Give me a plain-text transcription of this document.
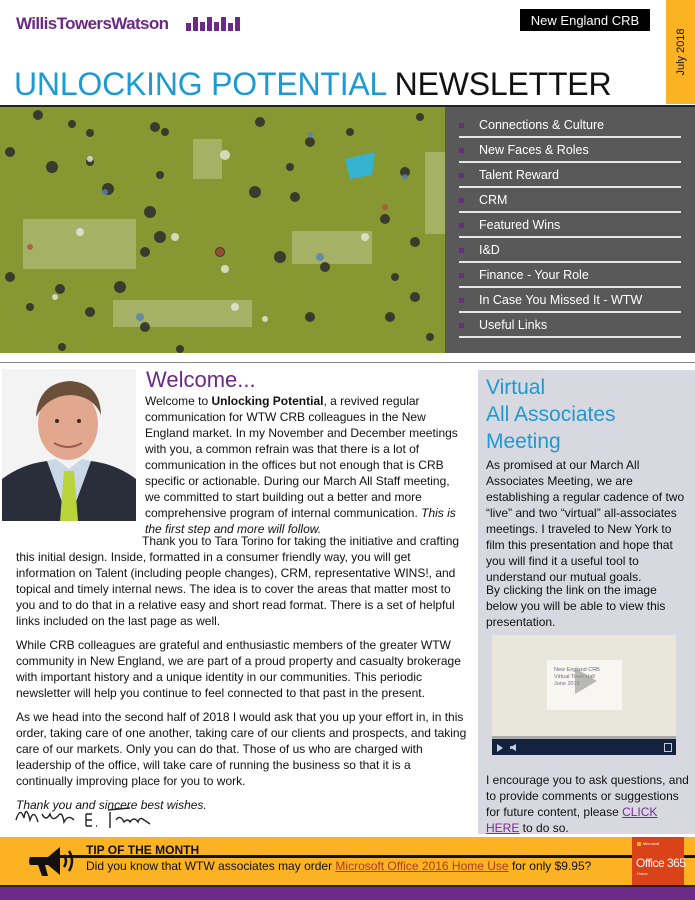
WillisTowersWatson	New England CRB
July 2018
UNLOCKING POTENTIAL NEWSLETTER
Connections & Culture
New Faces & Roles
Talent Reward
CRM
Featured Wins
I&D
Finance - Your Role
In Case You Missed It - WTW
Useful Links
Welcome...

Welcome to Unlocking Potential, a revived regular communication for WTW CRB colleagues in the New England market. In my November and December meetings with you, a common refrain was that there is a lot of communication in the offices but not enough that is CRB specific or actionable. During our March All Staff meeting, we committed to start building out a better and more comprehensive program of internal communication. This is the first step and more will follow.

Thank you to Tara Torino for taking the initiative and crafting this initial design. Inside, formatted in a consumer friendly way, you will get information on Talent (including people changes), CRM, representative WINS!, and topical and timely internal news. The idea is to cover the areas that matter most to you and to do that in a relative easy and short read format. There is a set of helpful links included on the last page as well.

While CRB colleagues are grateful and enthusiastic members of the greater WTW community in New England, we are part of a proud property and casualty brokerage with important history and a unique identity in our communities. This periodic newsletter will help you continue to feel connected to that past in the present.

As we head into the second half of 2018 I would ask that you up your effort in, in this order, taking care of one another, taking care of our clients and prospects, and taking care of our markets. Only you can do that. Those of us who are charged with leadership of the office, will take care of running the business so that it is a continually improving place for you to work.

Thank you and sincere best wishes.

Virtual
All Associates
Meeting

As promised at our March All Associates Meeting, we are establishing a regular cadence of two “live” and two “virtual” all-associates meetings. I traveled to New York to film this presentation and hope that you will find it a useful tool to understand our mutual goals.

By clicking the link on the image below you will be able to view this presentation.

New England CRB
Virtual Town Hall
June 2018

I encourage you to ask questions, and to provide comments or suggestions for future content, please CLICK HERE to do so.

TIP OF THE MONTH
Did you know that WTW associates may order Microsoft Office 2016 Home Use for only $9.95?
Microsoft
Office 365
Home
